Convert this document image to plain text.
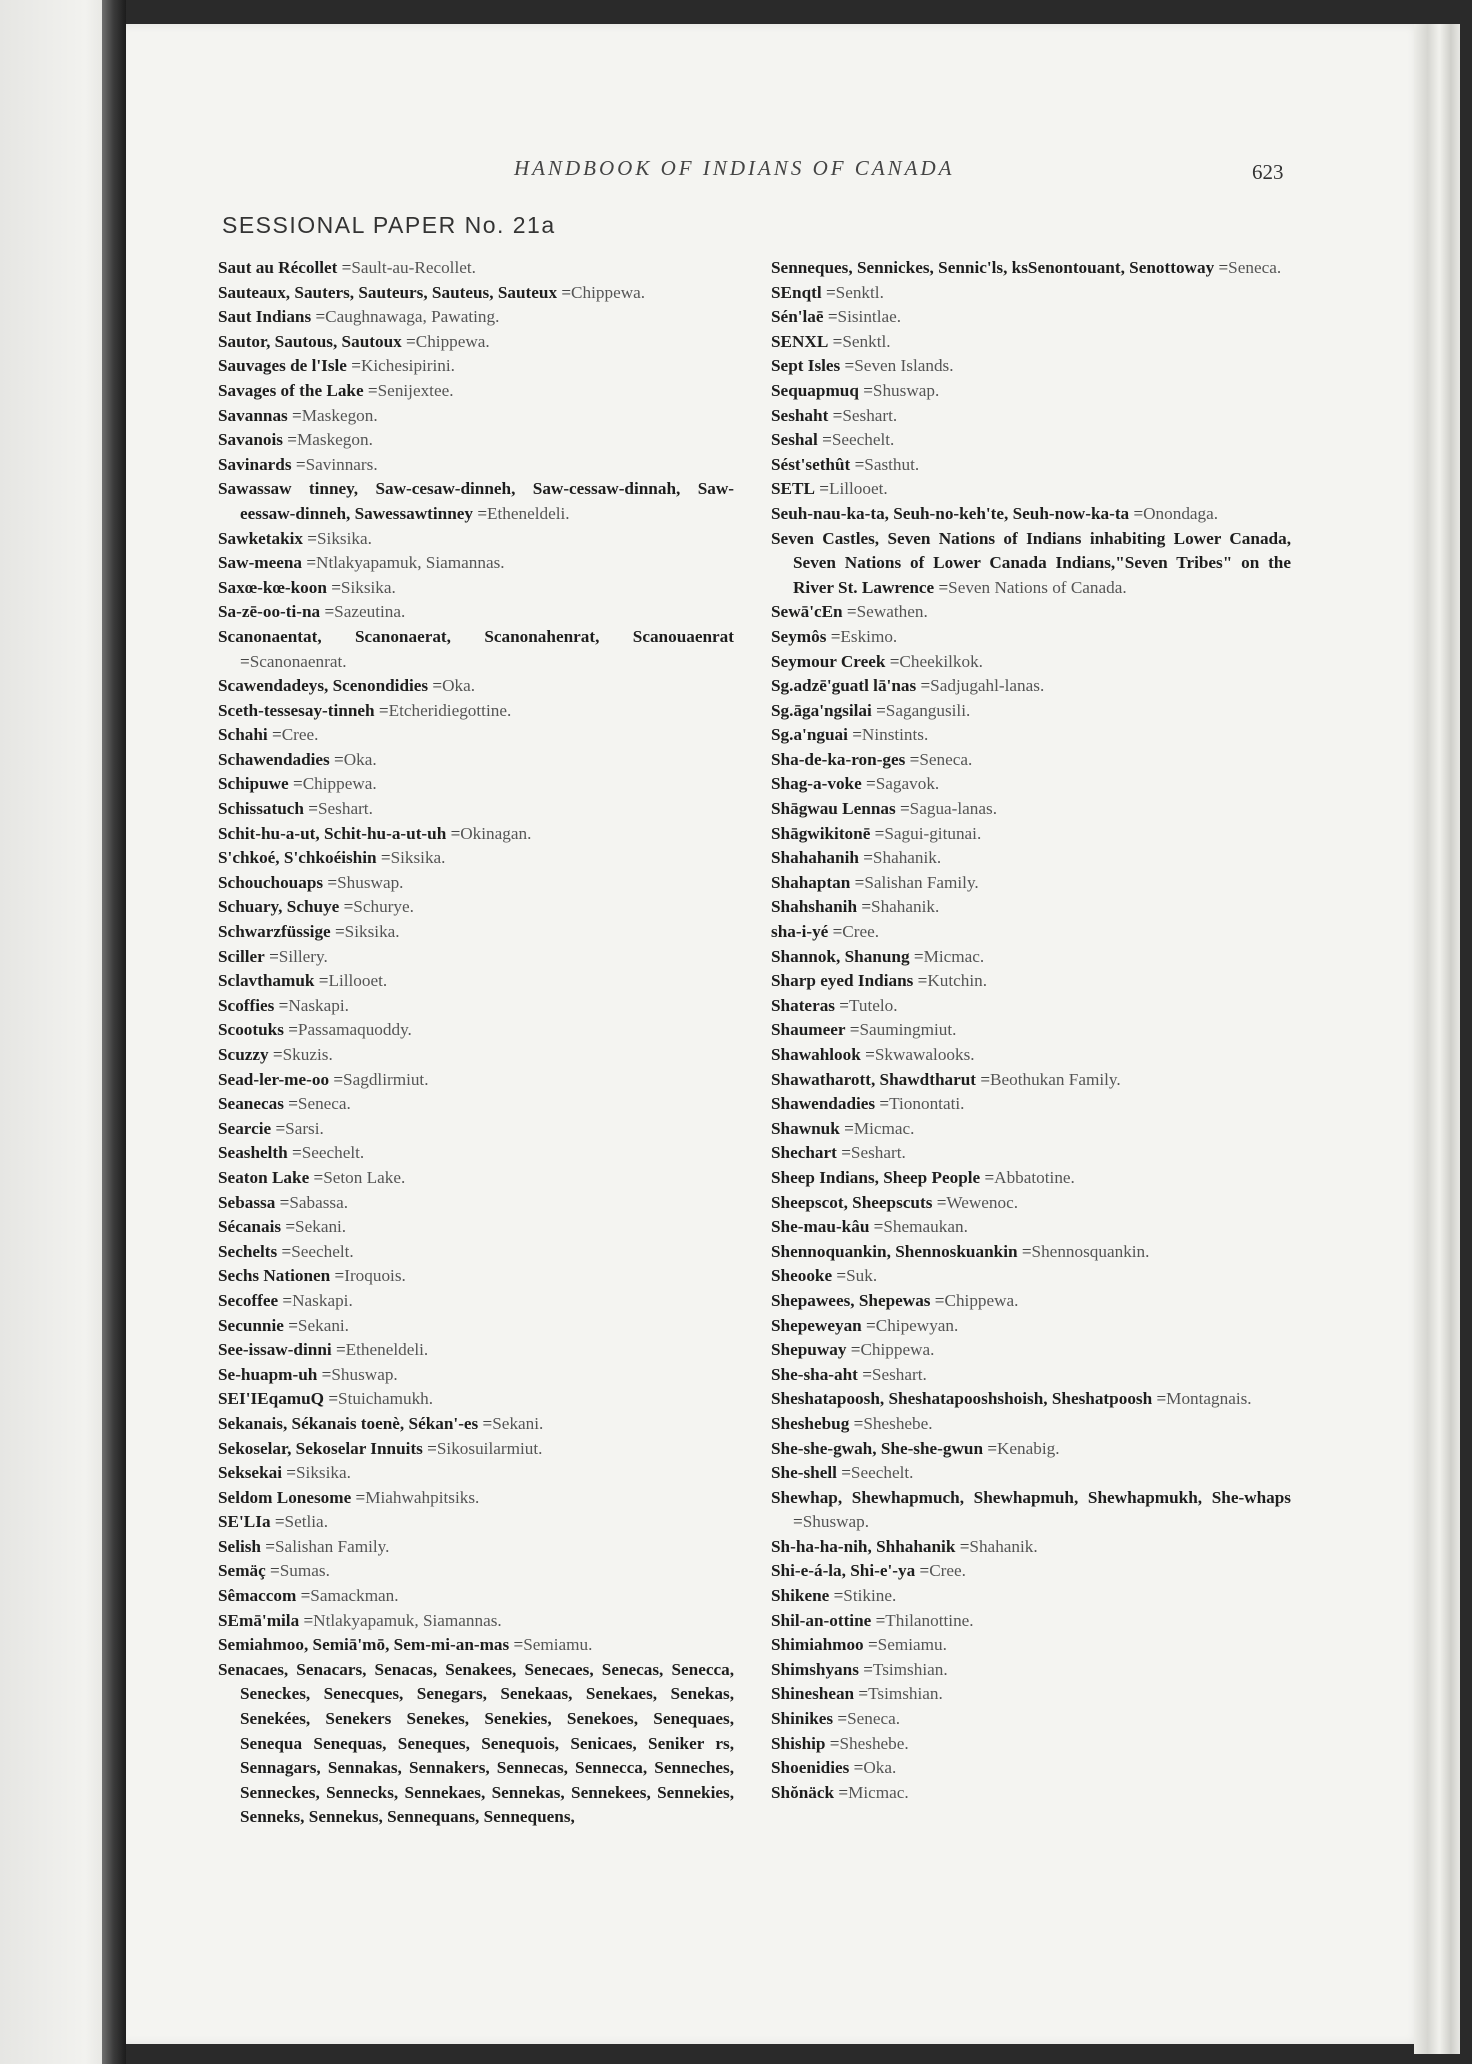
HANDBOOK OF INDIANS OF CANADA	623
SESSIONAL PAPER No. 21a

Saut au Récollet =Sault-au-Recollet.

Sauteaux, Sauters, Sauteurs, Sauteus, Sauteux =Chippewa.

Saut Indians =Caughnawaga, Pawating.

Sautor, Sautous, Sautoux =Chippewa.

Sauvages de l'Isle =Kichesipirini.

Savages of the Lake =Senijextee.

Savannas =Maskegon.

Savanois =Maskegon.

Savinards =Savinnars.

Sawassaw tinney, Saw-cesaw-dinneh, Saw-cessaw-dinnah, Saw-eessaw-dinneh, Sawessawtinney =Etheneldeli.

Sawketakix =Siksika.

Saw-meena =Ntlakyapamuk, Siamannas.

Saxœ-kœ-koon =Siksika.

Sa-zē-oo-ti-na =Sazeutina.

Scanonaentat, Scanonaerat, Scanonahenrat, Scanouaenrat =Scanonaenrat.

Scawendadeys, Scenondidies =Oka.

Sceth-tessesay-tinneh =Etcheridiegottine.

Schahi =Cree.

Schawendadies =Oka.

Schipuwe =Chippewa.

Schissatuch =Seshart.

Schit-hu-a-ut, Schit-hu-a-ut-uh =Okinagan.

S'chkoé, S'chkoéishin =Siksika.

Schouchouaps =Shuswap.

Schuary, Schuye =Schurye.

Schwarzfüssige =Siksika.

Sciller =Sillery.

Sclavthamuk =Lillooet.

Scoffies =Naskapi.

Scootuks =Passamaquoddy.

Scuzzy =Skuzis.

Sead-ler-me-oo =Sagdlirmiut.

Seanecas =Seneca.

Searcie =Sarsi.

Seashelth =Seechelt.

Seaton Lake =Seton Lake.

Sebassa =Sabassa.

Sécanais =Sekani.

Sechelts =Seechelt.

Sechs Nationen =Iroquois.

Secoffee =Naskapi.

Secunnie =Sekani.

See-issaw-dinni =Etheneldeli.

Se-huapm-uh =Shuswap.

SEI'IEqamuQ =Stuichamukh.

Sekanais, Sékanais toenè, Sékan'-es =Sekani.

Sekoselar, Sekoselar Innuits =Sikosuilarmiut.

Seksekai =Siksika.

Seldom Lonesome =Miahwahpitsiks.

SE'LIa =Setlia.

Selish =Salishan Family.

Semäç =Sumas.

Sêmaccom =Samackman.

SEmā'mila =Ntlakyapamuk, Siamannas.

Semiahmoo, Semiā'mō, Sem-mi-an-mas =Semiamu.

Senacaes, Senacars, Senacas, Senakees, Senecaes, Senecas, Senecca, Seneckes, Senecques, Senegars, Senekaas, Senekaes, Senekas, Senekées, Senekers Senekes, Senekies, Senekoes, Senequaes, Senequa Senequas, Seneques, Senequois, Senicaes, Seniker rs, Sennagars, Sennakas, Sennakers, Sennecas, Sennecca, Senneches, Senneckes, Sennecks, Sennekaes, Sennekas, Sennekees, Sennekies, Senneks, Sennekus, Sennequans, Sennequens,

Senneques, Sennickes, Sennic'ls, ksSenontouant, Senottoway =Seneca.

SEnqtl =Senktl.

Sén'laē =Sisintlae.

SENXL =Senktl.

Sept Isles =Seven Islands.

Sequapmuq =Shuswap.

Seshaht =Seshart.

Seshal =Seechelt.

Sést'sethût =Sasthut.

SETL =Lillooet.

Seuh-nau-ka-ta, Seuh-no-keh'te, Seuh-now-ka-ta =Onondaga.

Seven Castles, Seven Nations of Indians inhabiting Lower Canada, Seven Nations of Lower Canada Indians,"Seven Tribes" on the River St. Lawrence =Seven Nations of Canada.

Sewā'cEn =Sewathen.

Seymôs =Eskimo.

Seymour Creek =Cheekilkok.

Sg.adzē'guatl lā'nas =Sadjugahl-lanas.

Sg.āga'ngsilai =Sagangusili.

Sg.a'nguai =Ninstints.

Sha-de-ka-ron-ges =Seneca.

Shag-a-voke =Sagavok.

Shāgwau Lennas =Sagua-lanas.

Shāgwikitonē =Sagui-gitunai.

Shahahanih =Shahanik.

Shahaptan =Salishan Family.

Shahshanih =Shahanik.

sha-i-yé =Cree.

Shannok, Shanung =Micmac.

Sharp eyed Indians =Kutchin.

Shateras =Tutelo.

Shaumeer =Saumingmiut.

Shawahlook =Skwawalooks.

Shawatharott, Shawdtharut =Beothukan Family.

Shawendadies =Tionontati.

Shawnuk =Micmac.

Shechart =Seshart.

Sheep Indians, Sheep People =Abbatotine.

Sheepscot, Sheepscuts =Wewenoc.

She-mau-kâu =Shemaukan.

Shennoquankin, Shennoskuankin =Shennosquankin.

Sheooke =Suk.

Shepawees, Shepewas =Chippewa.

Shepeweyan =Chipewyan.

Shepuway =Chippewa.

She-sha-aht =Seshart.

Sheshatapoosh, Sheshatapooshshoish, Sheshatpoosh =Montagnais.

Sheshebug =Sheshebe.

She-she-gwah, She-she-gwun =Kenabig.

She-shell =Seechelt.

Shewhap, Shewhapmuch, Shewhapmuh, Shewhapmukh, She-whaps =Shuswap.

Sh-ha-ha-nih, Shhahanik =Shahanik.

Shi-e-á-la, Shi-e'-ya =Cree.

Shikene =Stikine.

Shil-an-ottine =Thilanottine.

Shimiahmoo =Semiamu.

Shimshyans =Tsimshian.

Shineshean =Tsimshian.

Shinikes =Seneca.

Shiship =Sheshebe.

Shoenidies =Oka.

Shŏnäck =Micmac.
